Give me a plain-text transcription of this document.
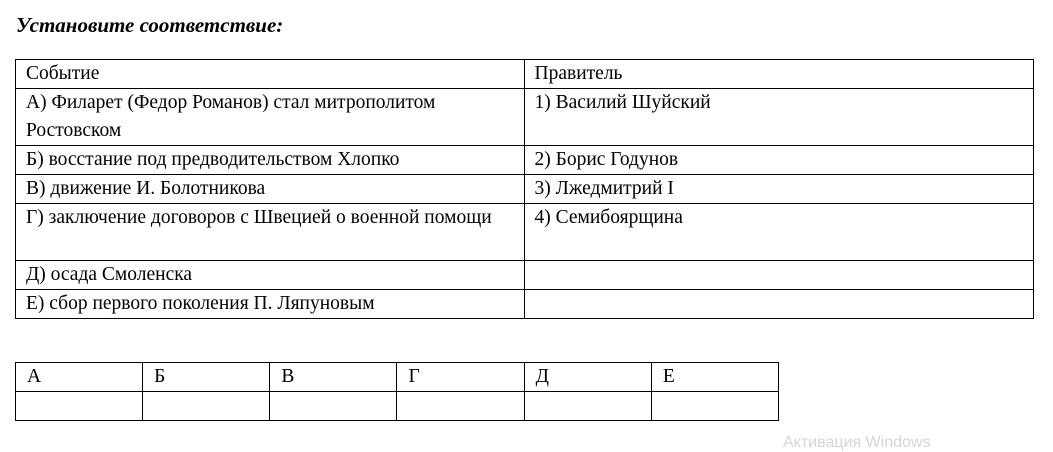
Установите соответствие:
Событие	Правитель
А) Филарет (Федор Романов) стал митрополитом Ростовском	1) Василий Шуйский
Б) восстание под предводительством Хлопко	2) Борис Годунов
В) движение И. Болотникова	3) Лжедмитрий I
Г) заключение договоров с Швецией о военной помощи	4) Семибоярщина
Д) осада Смоленска	
Е) сбор первого поколения П. Ляпуновым	
А	Б	В	Г	Д	Е

Активация Windows
